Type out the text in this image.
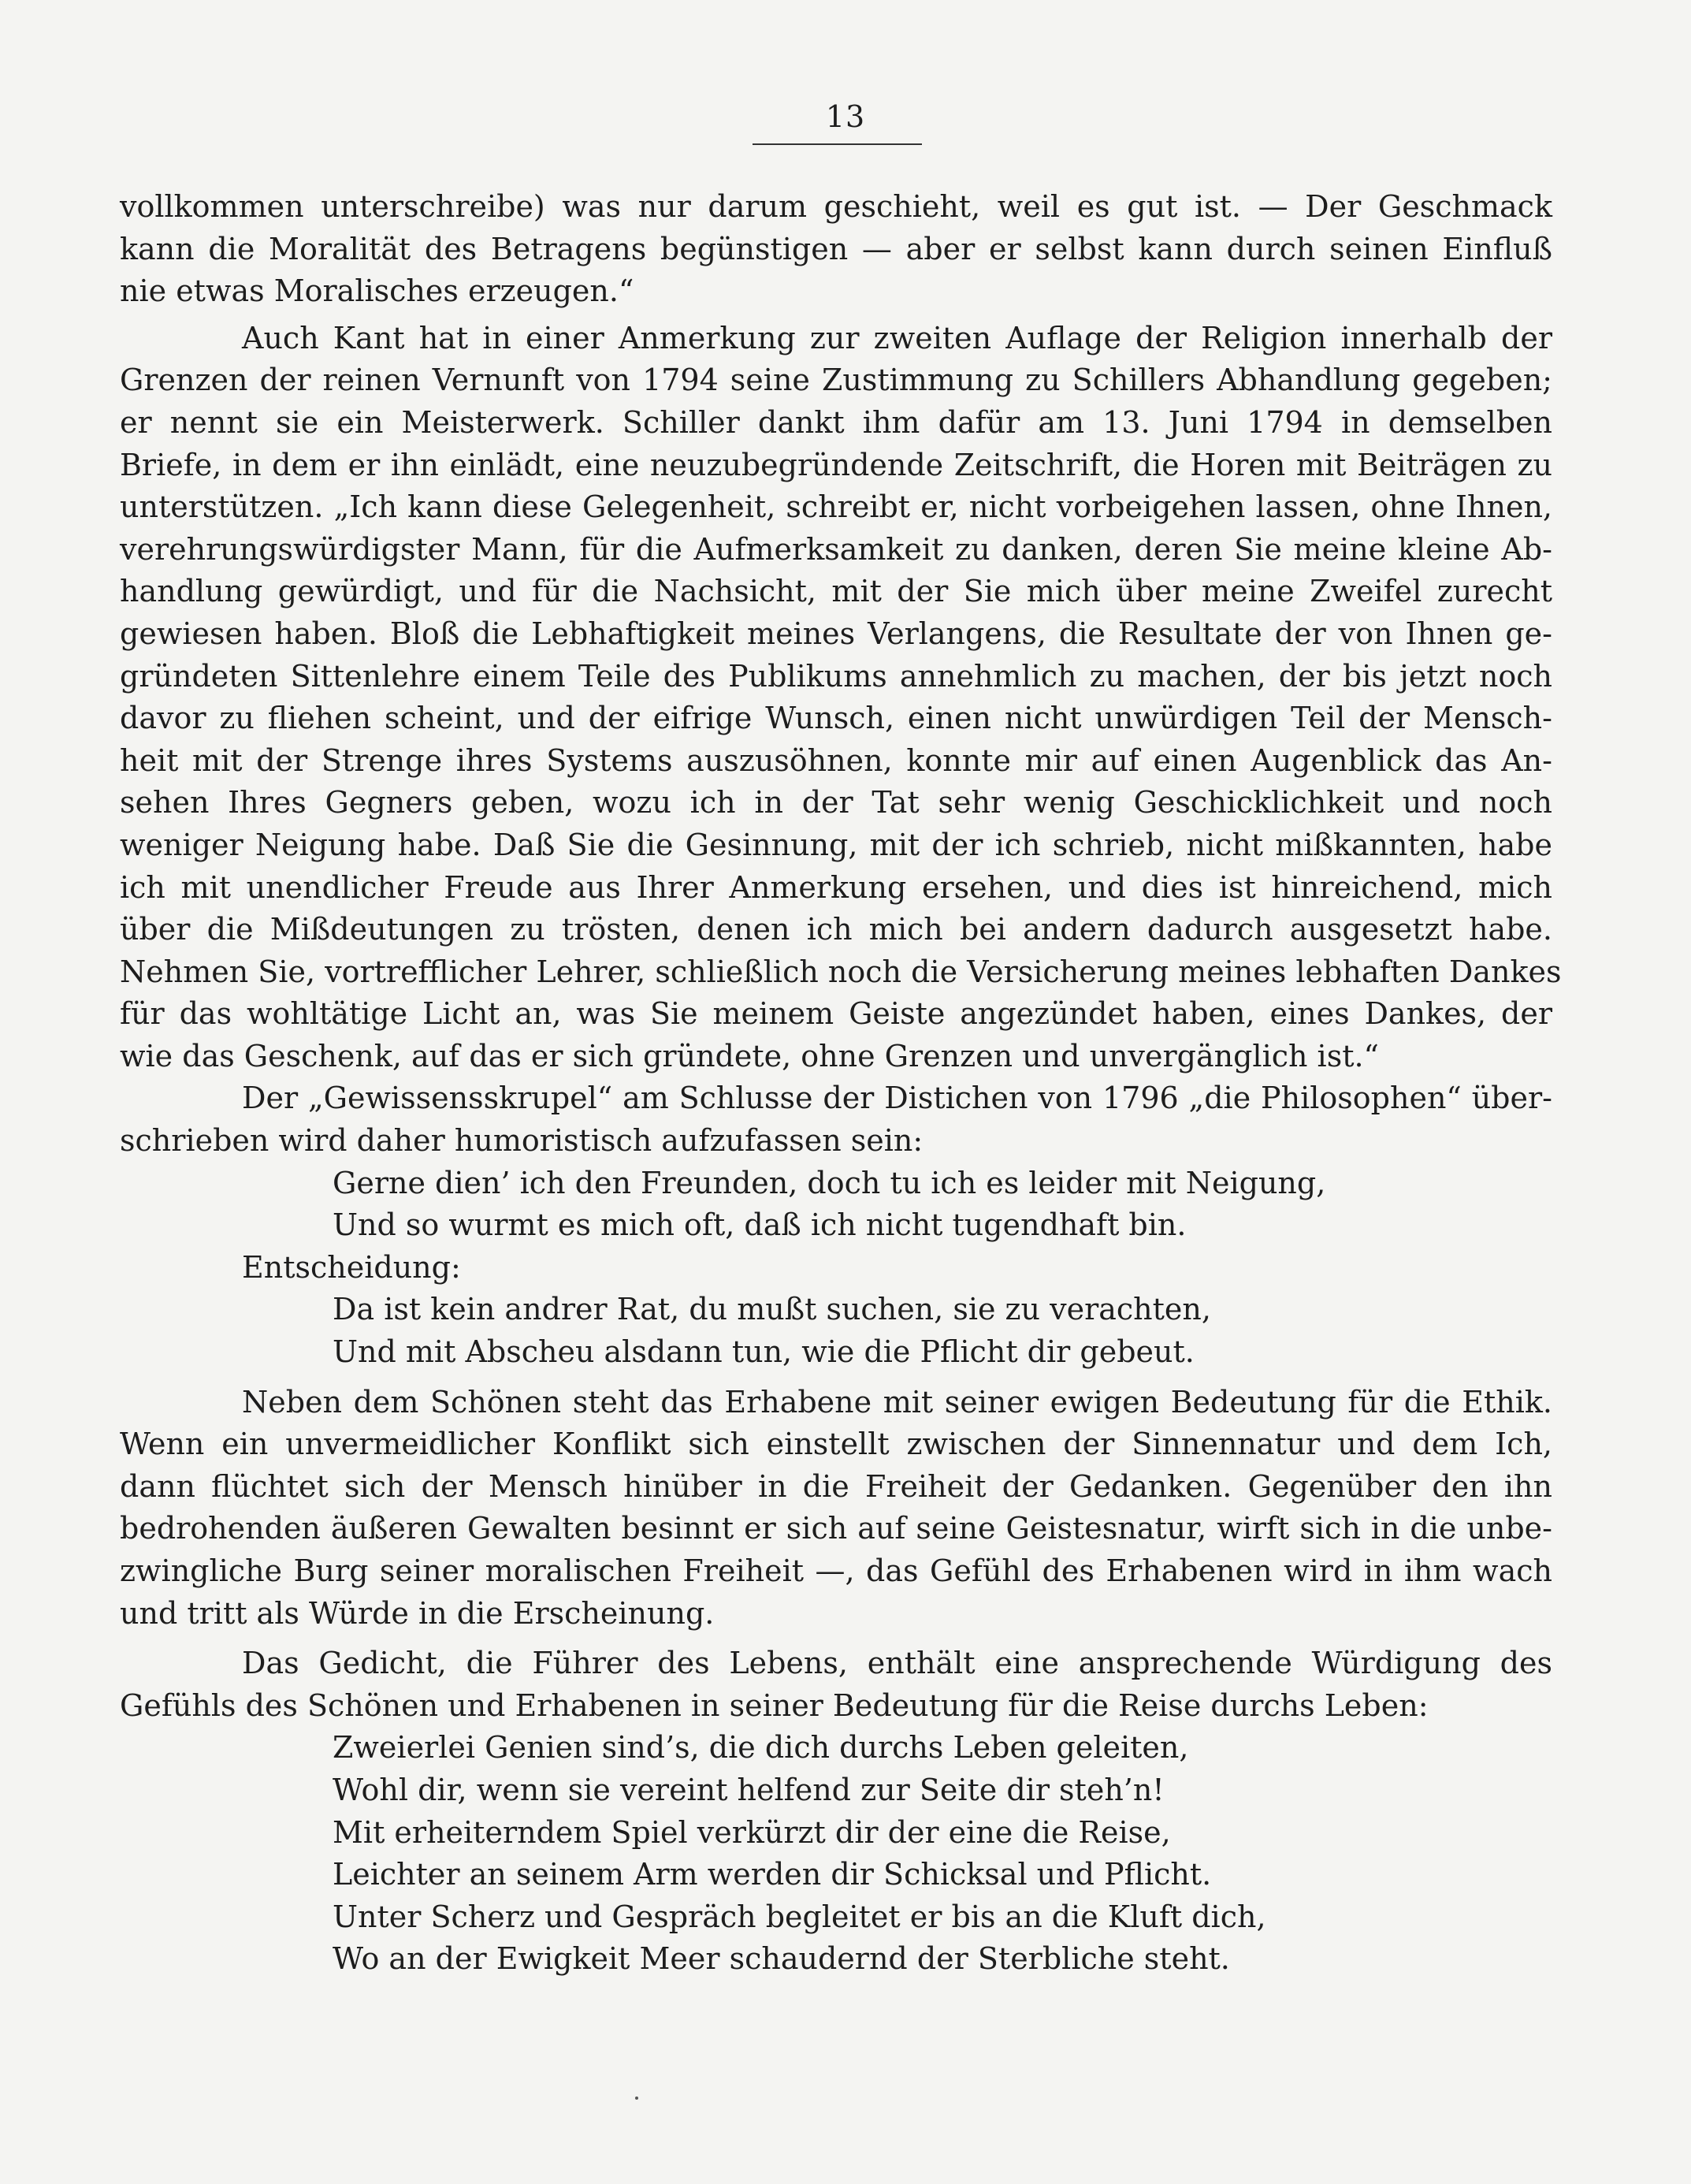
13
vollkommen unterschreibe) was nur darum geschieht, weil es gut ist. — Der Geschmack
kann die Moralität des Betragens begünstigen — aber er selbst kann durch seinen Einfluß
nie etwas Moralisches erzeugen.“
Auch Kant hat in einer Anmerkung zur zweiten Auflage der Religion innerhalb der
Grenzen der reinen Vernunft von 1794 seine Zustimmung zu Schillers Abhandlung gegeben;
er nennt sie ein Meisterwerk. Schiller dankt ihm dafür am 13. Juni 1794 in demselben
Briefe, in dem er ihn einlädt, eine neuzubegründende Zeitschrift, die Horen mit Beiträgen zu
unterstützen. „Ich kann diese Gelegenheit, schreibt er, nicht vorbeigehen lassen, ohne Ihnen,
verehrungswürdigster Mann, für die Aufmerksamkeit zu danken, deren Sie meine kleine Ab-
handlung gewürdigt, und für die Nachsicht, mit der Sie mich über meine Zweifel zurecht
gewiesen haben. Bloß die Lebhaftigkeit meines Verlangens, die Resultate der von Ihnen ge-
gründeten Sittenlehre einem Teile des Publikums annehmlich zu machen, der bis jetzt noch
davor zu fliehen scheint, und der eifrige Wunsch, einen nicht unwürdigen Teil der Mensch-
heit mit der Strenge ihres Systems auszusöhnen, konnte mir auf einen Augenblick das An-
sehen Ihres Gegners geben, wozu ich in der Tat sehr wenig Geschicklichkeit und noch
weniger Neigung habe. Daß Sie die Gesinnung, mit der ich schrieb, nicht mißkannten, habe
ich mit unendlicher Freude aus Ihrer Anmerkung ersehen, und dies ist hinreichend, mich
über die Mißdeutungen zu trösten, denen ich mich bei andern dadurch ausgesetzt habe.
Nehmen Sie, vortrefflicher Lehrer, schließlich noch die Versicherung meines lebhaften Dankes
für das wohltätige Licht an, was Sie meinem Geiste angezündet haben, eines Dankes, der
wie das Geschenk, auf das er sich gründete, ohne Grenzen und unvergänglich ist.“
Der „Gewissensskrupel“ am Schlusse der Distichen von 1796 „die Philosophen“ über-
schrieben wird daher humoristisch aufzufassen sein:
Gerne dien’ ich den Freunden, doch tu ich es leider mit Neigung,
Und so wurmt es mich oft, daß ich nicht tugendhaft bin.
Entscheidung:
Da ist kein andrer Rat, du mußt suchen, sie zu verachten,
Und mit Abscheu alsdann tun, wie die Pflicht dir gebeut.
Neben dem Schönen steht das Erhabene mit seiner ewigen Bedeutung für die Ethik.
Wenn ein unvermeidlicher Konflikt sich einstellt zwischen der Sinnennatur und dem Ich,
dann flüchtet sich der Mensch hinüber in die Freiheit der Gedanken. Gegenüber den ihn
bedrohenden äußeren Gewalten besinnt er sich auf seine Geistesnatur, wirft sich in die unbe-
zwingliche Burg seiner moralischen Freiheit —, das Gefühl des Erhabenen wird in ihm wach
und tritt als Würde in die Erscheinung.
Das Gedicht, die Führer des Lebens, enthält eine ansprechende Würdigung des
Gefühls des Schönen und Erhabenen in seiner Bedeutung für die Reise durchs Leben:
Zweierlei Genien sind’s, die dich durchs Leben geleiten,
Wohl dir, wenn sie vereint helfend zur Seite dir steh’n!
Mit erheiterndem Spiel verkürzt dir der eine die Reise,
Leichter an seinem Arm werden dir Schicksal und Pflicht.
Unter Scherz und Gespräch begleitet er bis an die Kluft dich,
Wo an der Ewigkeit Meer schaudernd der Sterbliche steht.
